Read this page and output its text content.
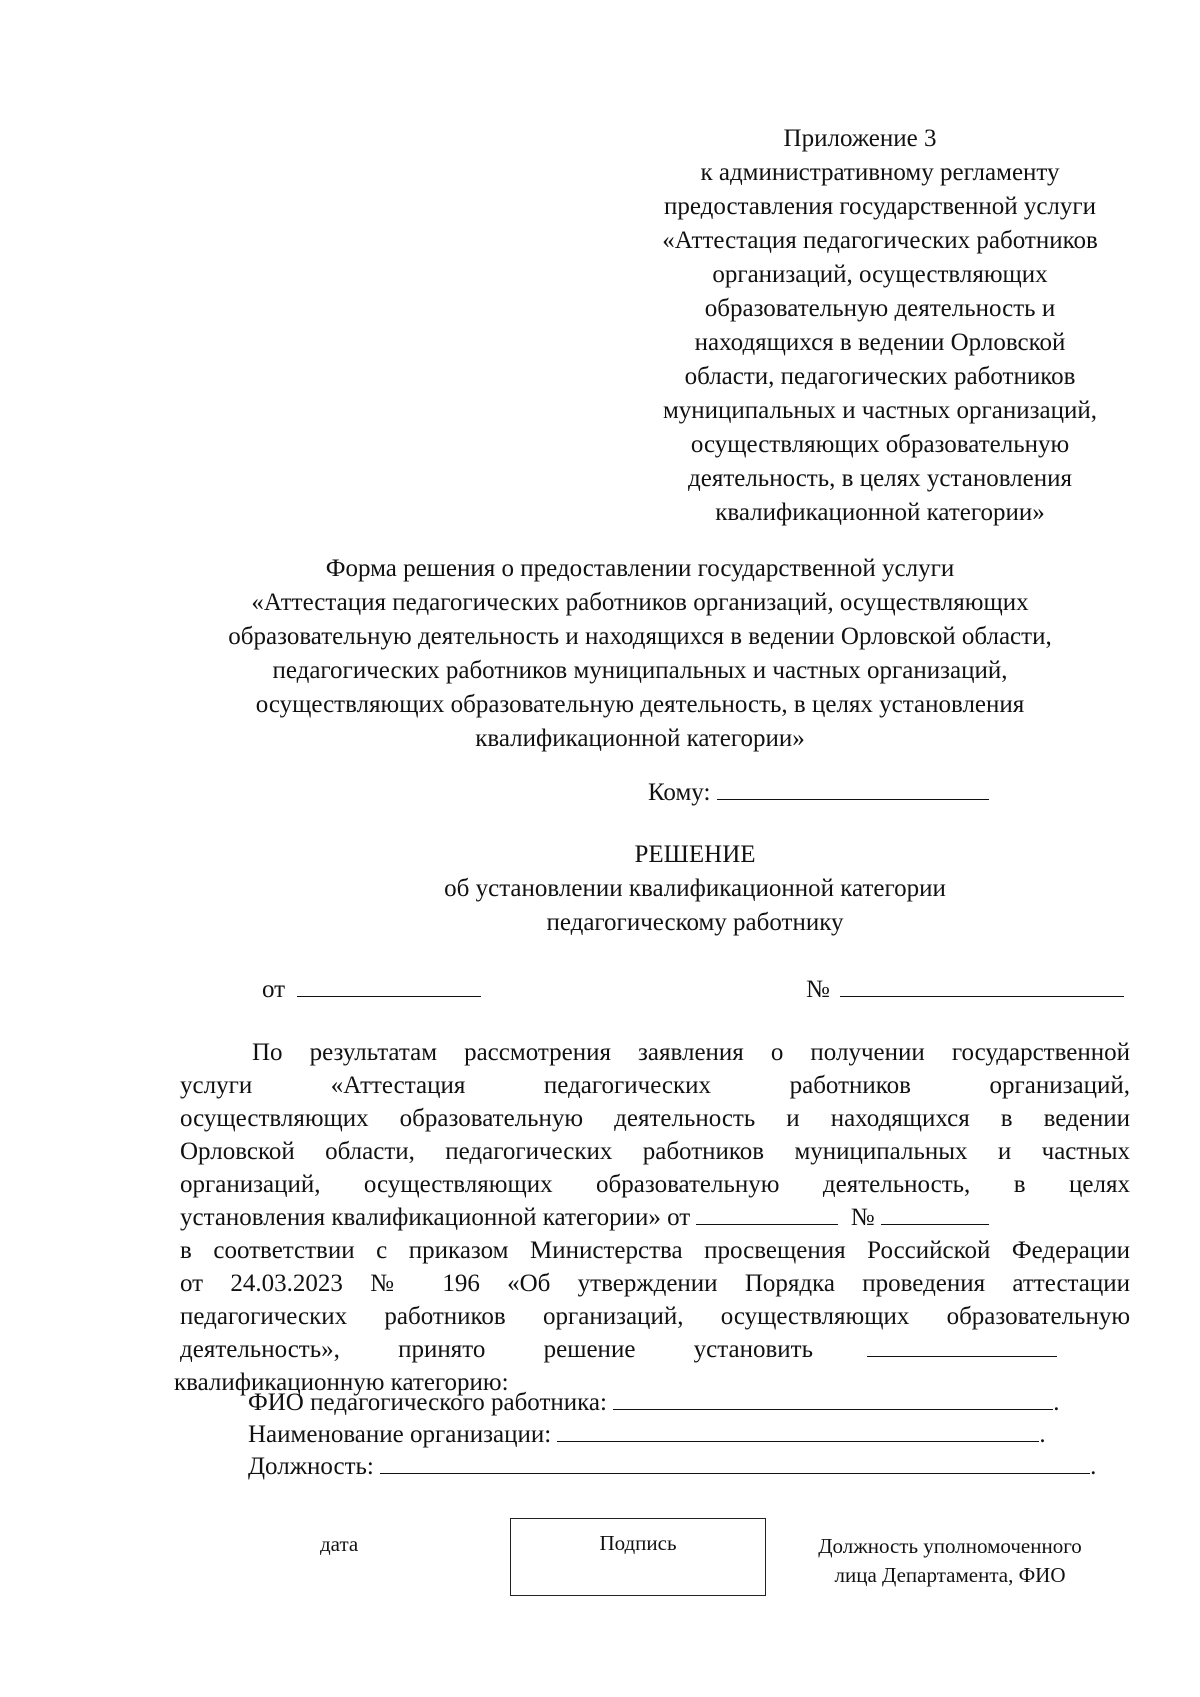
Приложение 3
к административному регламенту
предоставления государственной услуги
«Аттестация педагогических работников
организаций, осуществляющих
образовательную деятельность и
находящихся в ведении Орловской
области, педагогических работников
муниципальных и частных организаций,
осуществляющих образовательную
деятельность, в целях установления
квалификационной категории»
Форма решения о предоставлении государственной услуги
«Аттестация педагогических работников организаций, осуществляющих
образовательную деятельность и находящихся в ведении Орловской области,
педагогических работников муниципальных и частных организаций,
осуществляющих образовательную деятельность, в целях установления
квалификационной категории»
Кому:
РЕШЕНИЕ
об установлении квалификационной категории
педагогическому работнику
от	№
По результатам рассмотрения заявления о получении государственной
услуги «Аттестация педагогических работников организаций,
осуществляющих образовательную деятельность и находящихся в ведении
Орловской области, педагогических работников муниципальных и частных
организаций, осуществляющих образовательную деятельность, в целях
установления квалификационной категории» от	№
в соответствии с приказом Министерства просвещения Российской Федерации
от 24.03.2023 № 196 «Об утверждении Порядка проведения аттестации
педагогических работников организаций, осуществляющих образовательную
деятельность», принято решение установить
квалификационную категорию:
ФИО педагогического работника:	.
Наименование организации:	.
Должность:	.
дата	Подпись	Должность уполномоченного
лица Департамента, ФИО
